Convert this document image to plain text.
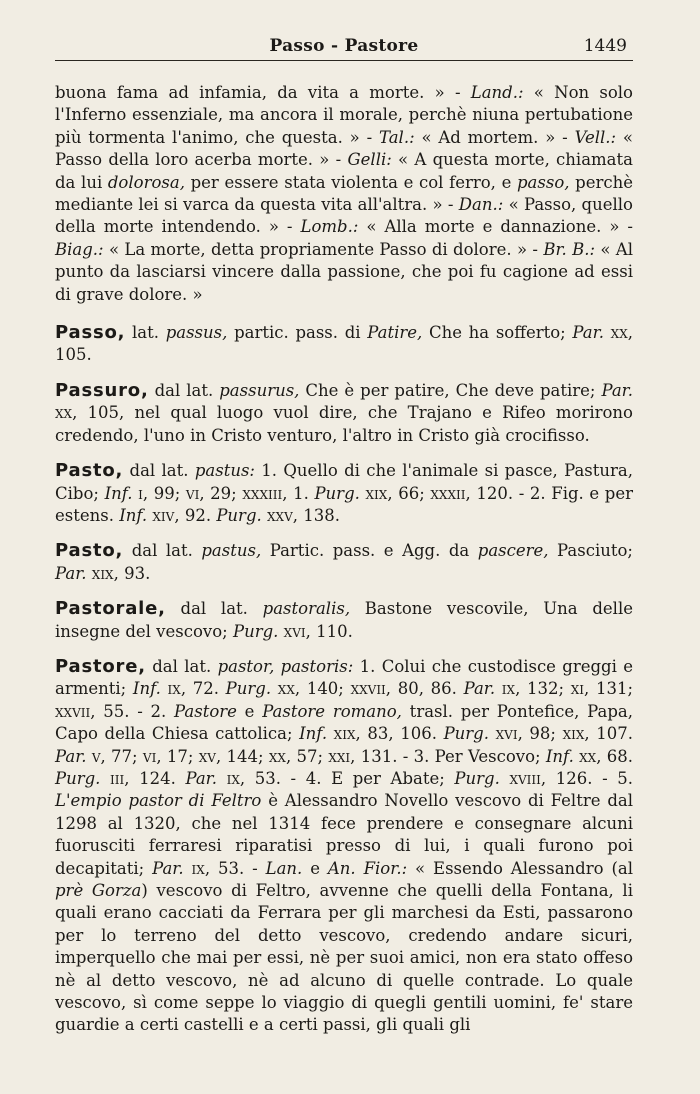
Passo - Pastore	1449

buona fama ad infamia, da vita a morte. » - Land.: « Non solo l'Inferno essenziale, ma ancora il morale, perchè niuna pertubatione più tormenta l'animo, che questa. » - Tal.: « Ad mortem. » - Vell.: « Passo della loro acerba morte. » - Gelli: « A questa morte, chiamata da lui dolorosa, per essere stata violenta e col ferro, e passo, perchè mediante lei si varca da questa vita all'altra. » - Dan.: « Passo, quello della morte intendendo. » - Lomb.: « Alla morte e dannazione. » - Biag.: « La morte, detta propriamente Passo di dolore. » - Br. B.: « Al punto da lasciarsi vincere dalla passione, che poi fu cagione ad essi di grave dolore. »

Passo, lat. passus, partic. pass. di Patire, Che ha sofferto; Par. xx, 105.

Passuro, dal lat. passurus, Che è per patire, Che deve patire; Par. xx, 105, nel qual luogo vuol dire, che Trajano e Rifeo morirono credendo, l'uno in Cristo venturo, l'altro in Cristo già crocifisso.

Pasto, dal lat. pastus: 1. Quello di che l'animale si pasce, Pastura, Cibo; Inf. i, 99; vi, 29; xxxiii, 1. Purg. xix, 66; xxxii, 120. - 2. Fig. e per estens. Inf. xiv, 92. Purg. xxv, 138.

Pasto, dal lat. pastus, Partic. pass. e Agg. da pascere, Pasciuto; Par. xix, 93.

Pastorale, dal lat. pastoralis, Bastone vescovile, Una delle insegne del vescovo; Purg. xvi, 110.

Pastore, dal lat. pastor, pastoris: 1. Colui che custodisce greggi e armenti; Inf. ix, 72. Purg. xx, 140; xxvii, 80, 86. Par. ix, 132; xi, 131; xxvii, 55. - 2. Pastore e Pastore romano, trasl. per Pontefice, Papa, Capo della Chiesa cattolica; Inf. xix, 83, 106. Purg. xvi, 98; xix, 107. Par. v, 77; vi, 17; xv, 144; xx, 57; xxi, 131. - 3. Per Vescovo; Inf. xx, 68. Purg. iii, 124. Par. ix, 53. - 4. E per Abate; Purg. xviii, 126. - 5. L'empio pastor di Feltro è Alessandro Novello vescovo di Feltre dal 1298 al 1320, che nel 1314 fece prendere e consegnare alcuni fuorusciti ferraresi riparatisi presso di lui, i quali furono poi decapitati; Par. ix, 53. - Lan. e An. Fior.: « Essendo Alessandro (al prè Gorza) vescovo di Feltro, avvenne che quelli della Fontana, li quali erano cacciati da Ferrara per gli marchesi da Esti, passarono per lo terreno del detto vescovo, credendo andare sicuri, imperquello che mai per essi, nè per suoi amici, non era stato offeso nè al detto vescovo, nè ad alcuno di quelle contrade. Lo quale vescovo, sì come seppe lo viaggio di quegli gentili uomini, fe' stare guardie a certi castelli e a certi passi, gli quali gli
